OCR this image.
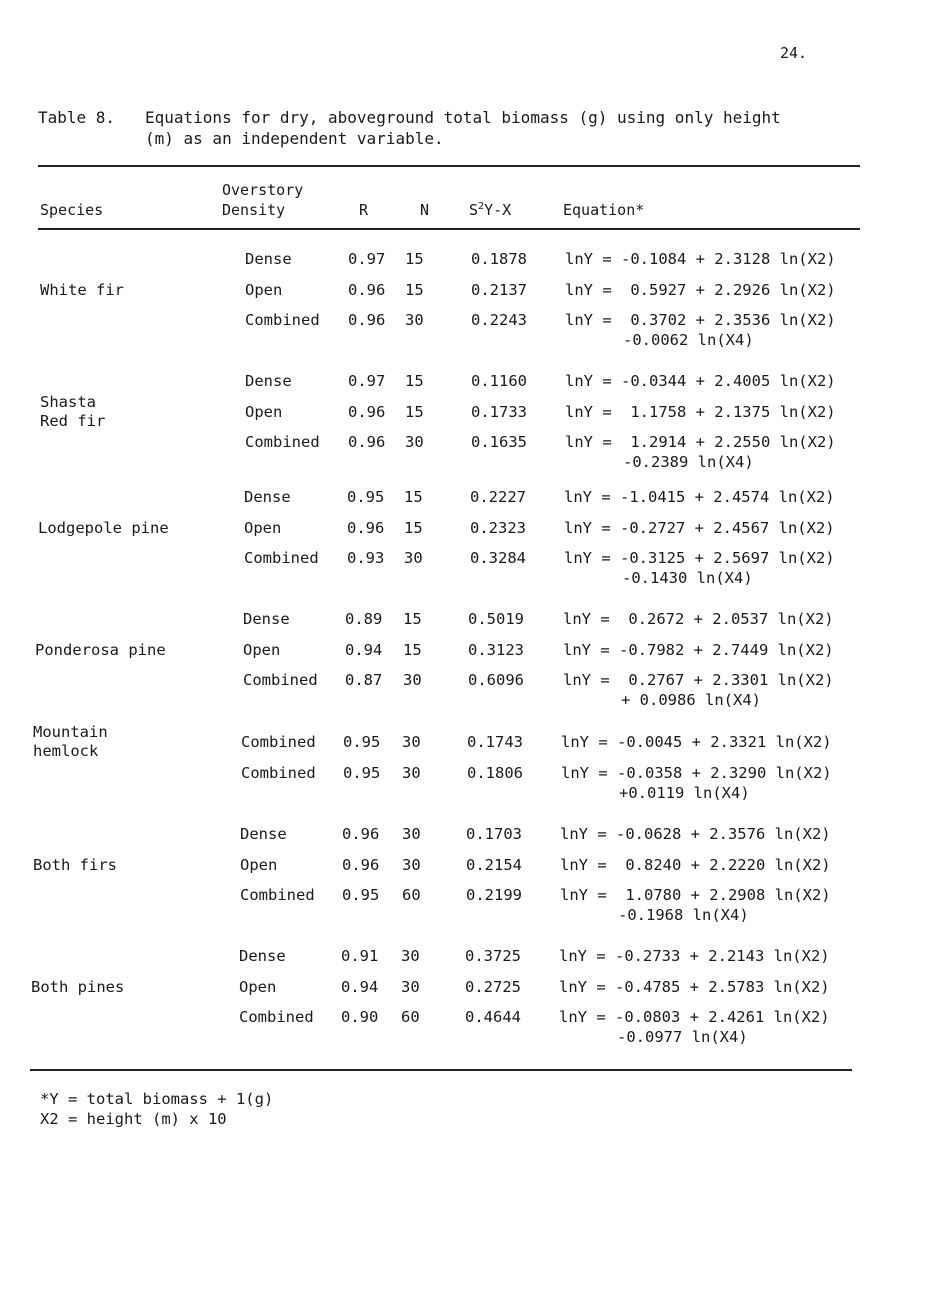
24.
Table 8. Equations for dry, aboveground total biomass (g) using only height
(m) as an independent variable.
Species
Overstory
Density	R	N	$S^2Y-X$	Equation*
White fir
Dense	0.97 15	0.1878 lnY = -0.1084 + 2.3128 ln(X2)
Open	0.96 15	0.2137 lnY =  0.5927 + 2.2926 ln(X2)
Combined 0.96 30	0.2243 lnY =  0.3702 + 2.3536 ln(X2)
-0.0062 ln(X4)
Shasta
Red fir
Dense	0.97 15	0.1160 lnY = -0.0344 + 2.4005 ln(X2)
Open	0.96 15	0.1733 lnY =  1.1758 + 2.1375 ln(X2)
Combined 0.96 30	0.1635 lnY =  1.2914 + 2.2550 ln(X2)
-0.2389 ln(X4)
Lodgepole pine
Dense	0.95 15	0.2227 lnY = -1.0415 + 2.4574 ln(X2)
Open	0.96 15	0.2323 lnY = -0.2727 + 2.4567 ln(X2)
Combined 0.93 30	0.3284 lnY = -0.3125 + 2.5697 ln(X2)
-0.1430 ln(X4)
Ponderosa pine
Dense	0.89 15	0.5019	lnY =  0.2672 + 2.0537 ln(X2)
Open	0.94 15	0.3123	lnY = -0.7982 + 2.7449 ln(X2)
Combined 0.87 30	0.6096	lnY =  0.2767 + 2.3301 ln(X2)
+ 0.0986 ln(X4)
Mountain
hemlock	Combined 0.95 30	0.1743 lnY = -0.0045 + 2.3321 ln(X2)
Combined 0.95 30	0.1806 lnY = -0.0358 + 2.3290 ln(X2)
+0.0119 ln(X4)
Both firs
Dense	0.96 30	0.1703 lnY = -0.0628 + 2.3576 ln(X2)
Open	0.96 30	0.2154 lnY =  0.8240 + 2.2220 ln(X2)
Combined 0.95 60	0.2199 lnY =  1.0780 + 2.2908 ln(X2)
-0.1968 ln(X4)
Both pines
Dense	0.91 30	0.3725 lnY = -0.2733 + 2.2143 ln(X2)
Open	0.94 30	0.2725 lnY = -0.4785 + 2.5783 ln(X2)
Combined 0.90 60	0.4644 lnY = -0.0803 + 2.4261 ln(X2)
-0.0977 ln(X4)
*Y = total biomass + 1(g)
X2 = height (m) x 10
